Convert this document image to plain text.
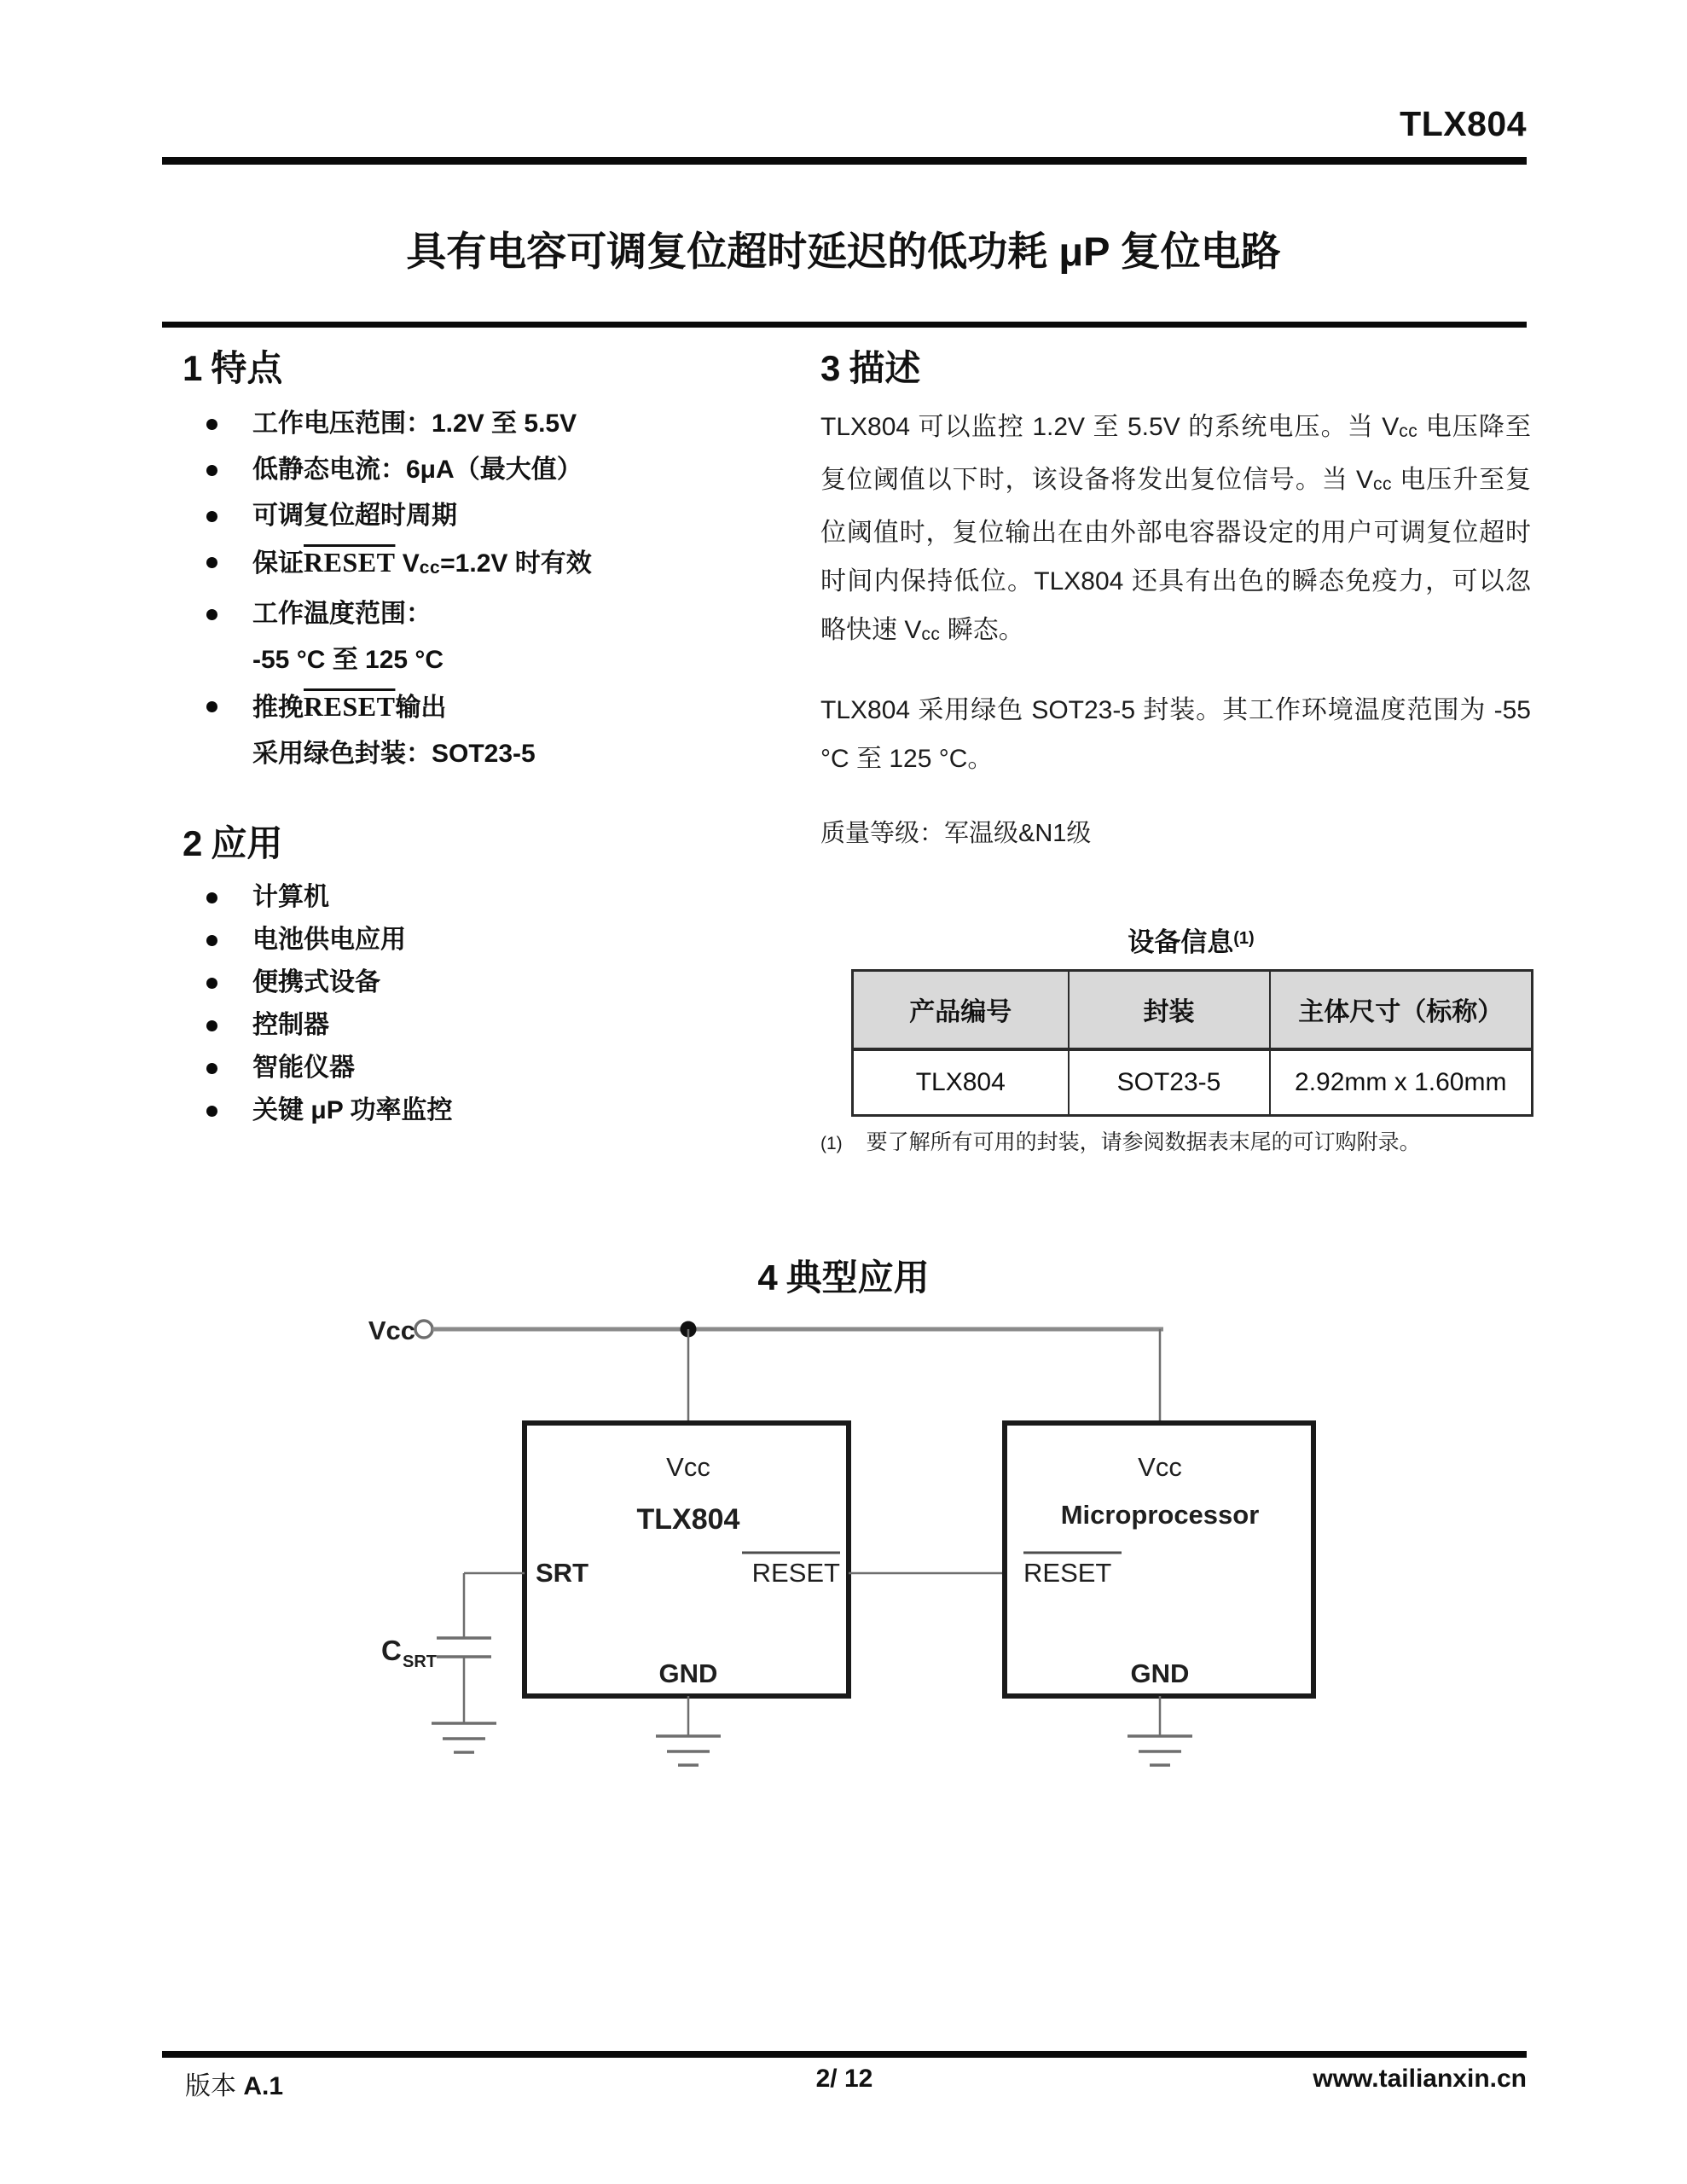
TLX804
具有电容可调复位超时延迟的低功耗 μP 复位电路
1 特点
工作电压范围：1.2V 至 5.5V
低静态电流：6μA（最大值）
可调复位超时周期
保证RESET Vcc=1.2V 时有效
工作温度范围：
-55 °C 至 125 °C
推挽RESET输出
采用绿色封装：SOT23-5
2 应用
计算机
电池供电应用
便携式设备
控制器
智能仪器
关键 μP 功率监控
3 描述

TLX804 可以监控 1.2V 至 5.5V 的系统电压。当 Vcc 电压降至复位阈值以下时，该设备将发出复位信号。当 Vcc 电压升至复位阈值时，复位输出在由外部电容器设定的用户可调复位超时时间内保持低位。TLX804 还具有出色的瞬态免疫力，可以忽略快速 Vcc 瞬态。

TLX804 采用绿色 SOT23-5 封装。其工作环境温度范围为 -55 °C 至 125 °C。

质量等级：军温级&N1级

设备信息$^{(1)}$
产品编号	封装	主体尺寸（标称）
TLX804	SOT23-5	2.92mm x 1.60mm
(1) 要了解所有可用的封装，请参阅数据表末尾的可订购附录。
4 典型应用
Vcc
Vcc
TLX804
SRT	RESET
GND
C SRT
Vcc
Microprocessor
RESET
GND
版本 A.1	2/ 12	www.tailianxin.cn
